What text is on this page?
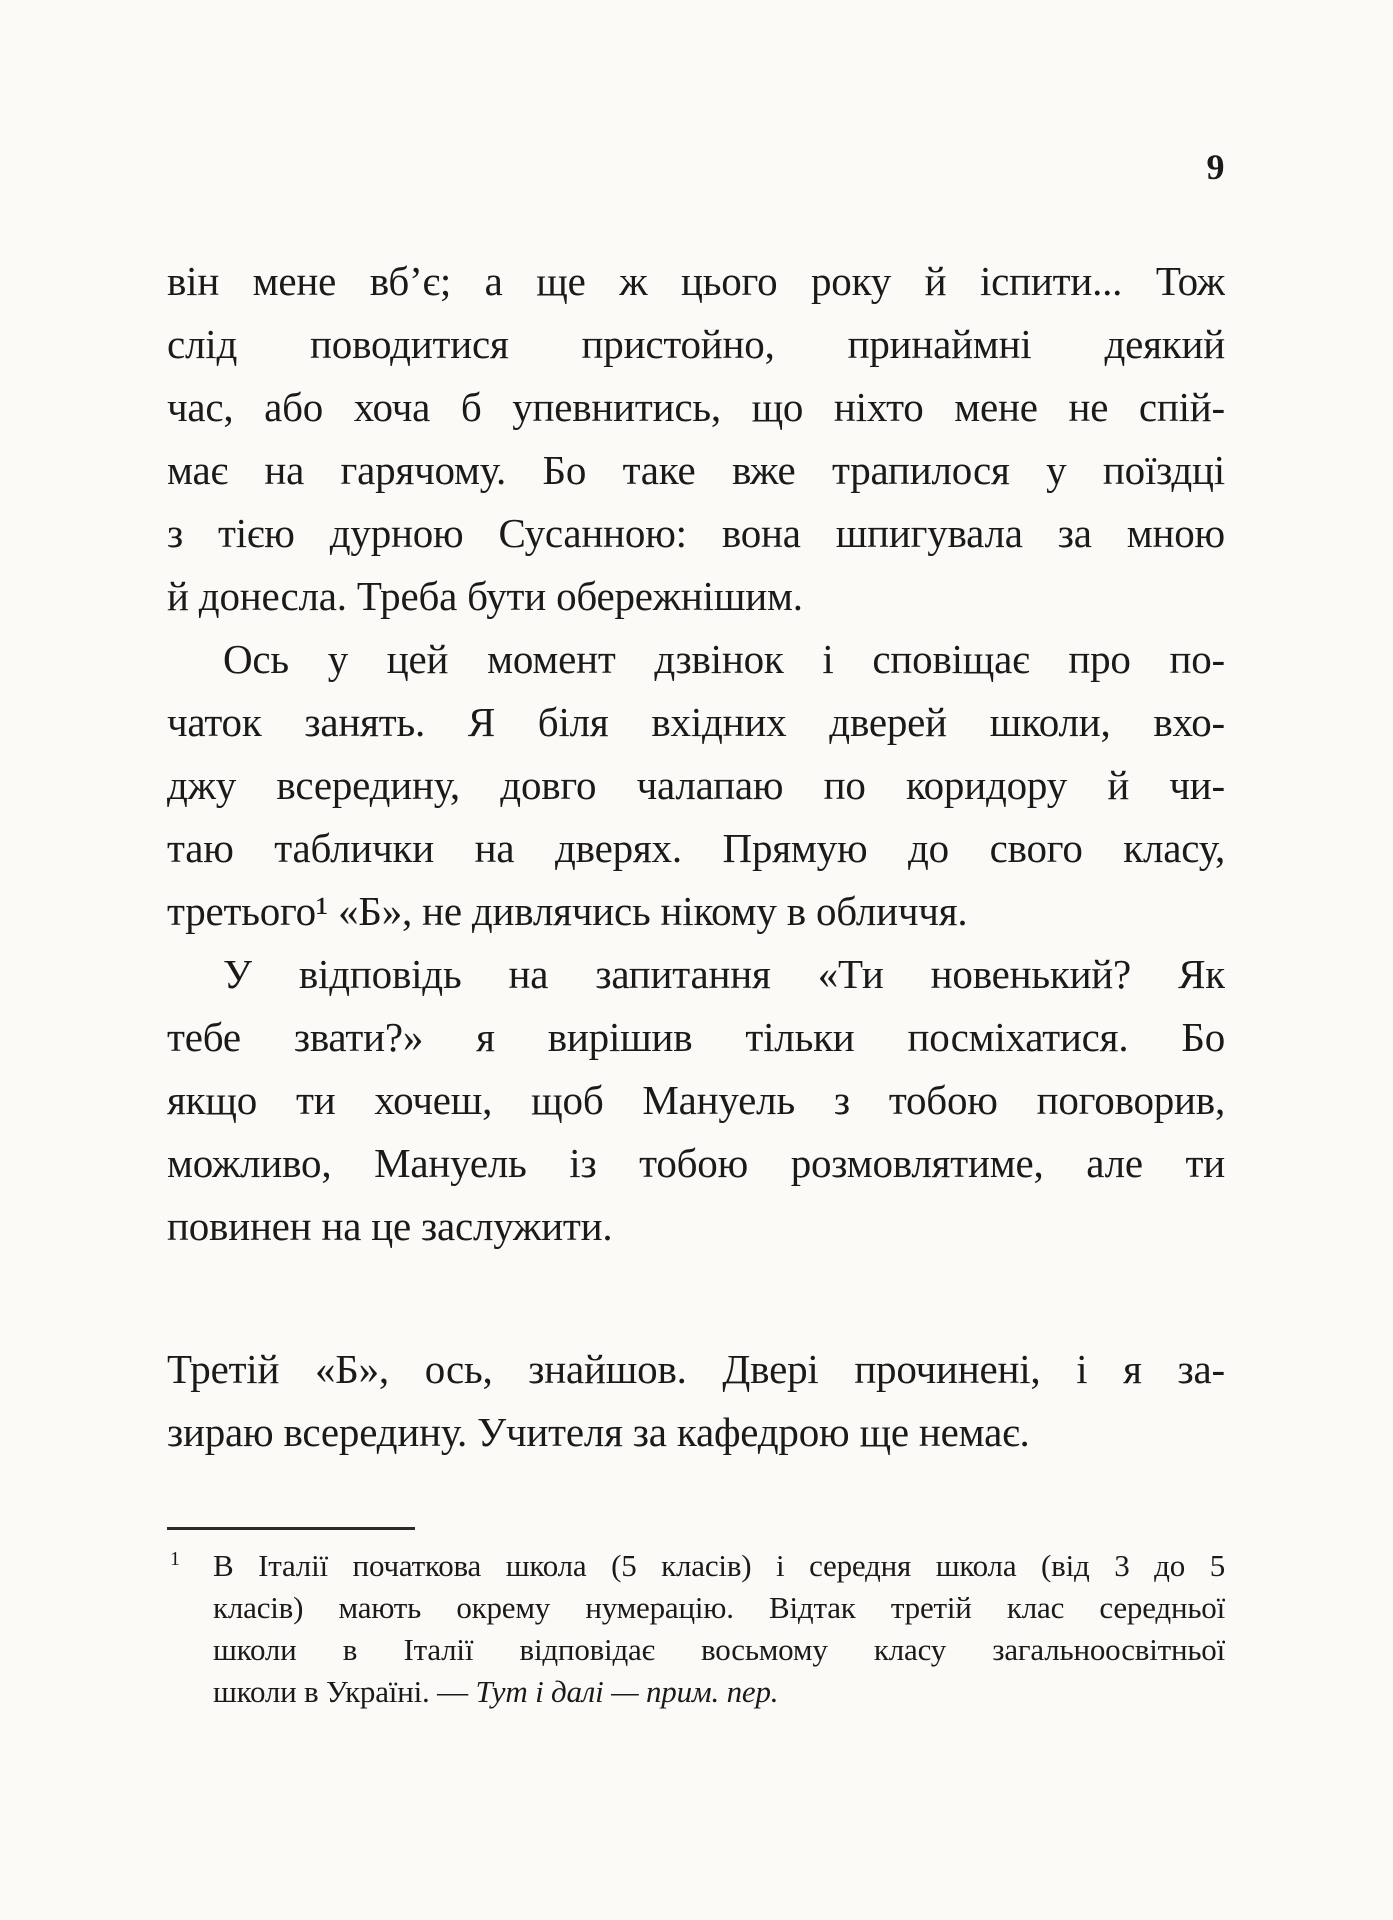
9
він мене вб’є; а ще ж цього року й іспити... Тож
слід поводитися пристойно, принаймні деякий
час, або хоча б упевнитись, що ніхто мене не спій-
має на гарячому. Бо таке вже трапилося у поїздці
з тією дурною Сусанною: вона шпигувала за мною
й донесла. Треба бути обережнішим.
Ось у цей момент дзвінок і сповіщає про по-
чаток занять. Я біля вхідних дверей школи, вхо-
джу всередину, довго чалапаю по коридору й чи-
таю таблички на дверях. Прямую до свого класу,
третього¹ «Б», не дивлячись нікому в обличчя.
У відповідь на запитання «Ти новенький? Як
тебе звати?» я вирішив тільки посміхатися. Бо
якщо ти хочеш, щоб Мануель з тобою поговорив,
можливо, Мануель із тобою розмовлятиме, але ти
повинен на це заслужити.
Третій «Б», ось, знайшов. Двері прочинені, і я за-
зираю всередину. Учителя за кафедрою ще немає.
1	В Італії початкова школа (5 класів) і середня школа (від 3 до 5
класів) мають окрему нумерацію. Відтак третій клас середньої
школи в Італії відповідає восьмому класу загальноосвітньої
школи в Україні. — Тут і далі — прим. пер.
